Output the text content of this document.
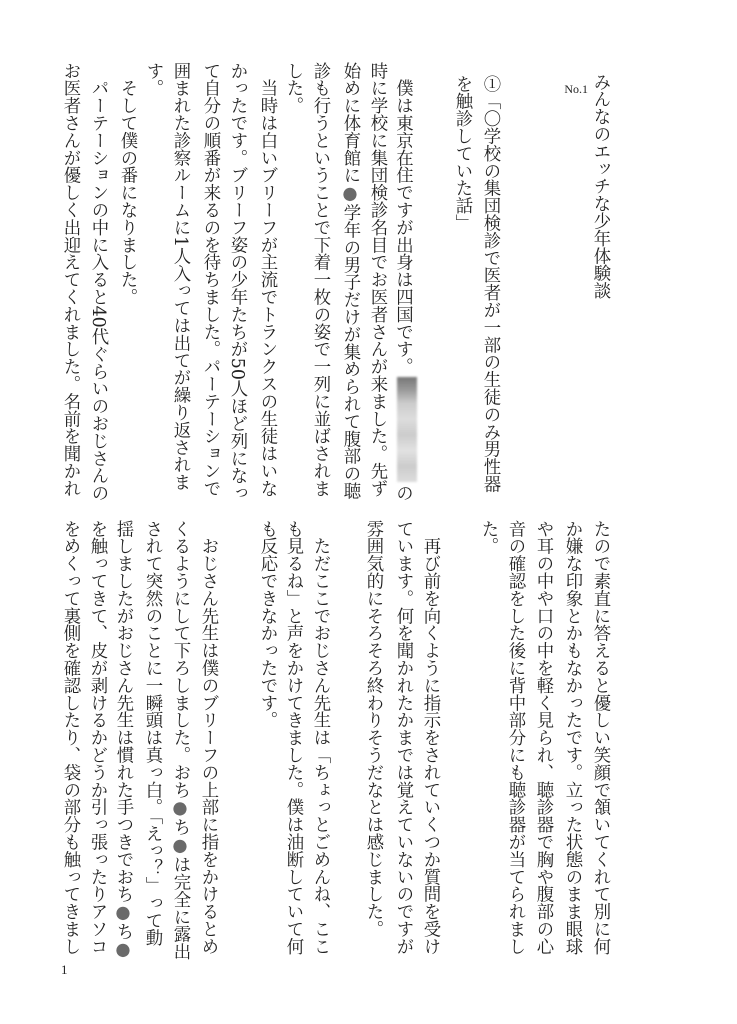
みんなのエッチな少年体験談
No.1
①「〇学校の集団検診で医者が一部の生徒のみ男性器
を触診していた話」
　僕は東京在住ですが出身は四国です。の
時に学校に集団検診名目でお医者さんが来ました。先ず
始めに体育館に●学年の男子だけが集められて腹部の聴
診も行うということで下着一枚の姿で一列に並ばされま
した。
　当時は白いブリーフが主流でトランクスの生徒はいな
かったです。ブリーフ姿の少年たちが50人ほど列になっ
て自分の順番が来るのを待ちました。パーテーションで
囲まれた診察ルームに1人入っては出てが繰り返されま
す。
　そして僕の番になりました。
　パーテーションの中に入ると40代ぐらいのおじさんの
お医者さんが優しく出迎えてくれました。名前を聞かれ
たので素直に答えると優しい笑顔で頷いてくれて別に何
か嫌な印象とかもなかったです。立った状態のまま眼球
や耳の中や口の中を軽く見られ、聴診器で胸や腹部の心
音の確認をした後に背中部分にも聴診器が当てられまし
た。
　再び前を向くように指示をされていくつか質問を受け
ています。何を聞かれたかまでは覚えていないのですが
雰囲気的にそろそろ終わりそうだなとは感じました。
　ただここでおじさん先生は「ちょっとごめんね、ここ
も見るね」と声をかけてきました。僕は油断していて何
も反応できなかったです。
　おじさん先生は僕のブリーフの上部に指をかけるとめ
くるようにして下ろしました。おち●ち●は完全に露出
されて突然のことに一瞬頭は真っ白。「えっ？」って動
揺しましたがおじさん先生は慣れた手つきでおち●ち●
を触ってきて、皮が剥けるかどうか引っ張ったりアソコ
をめくって裏側を確認したり、袋の部分も触ってきまし
1
